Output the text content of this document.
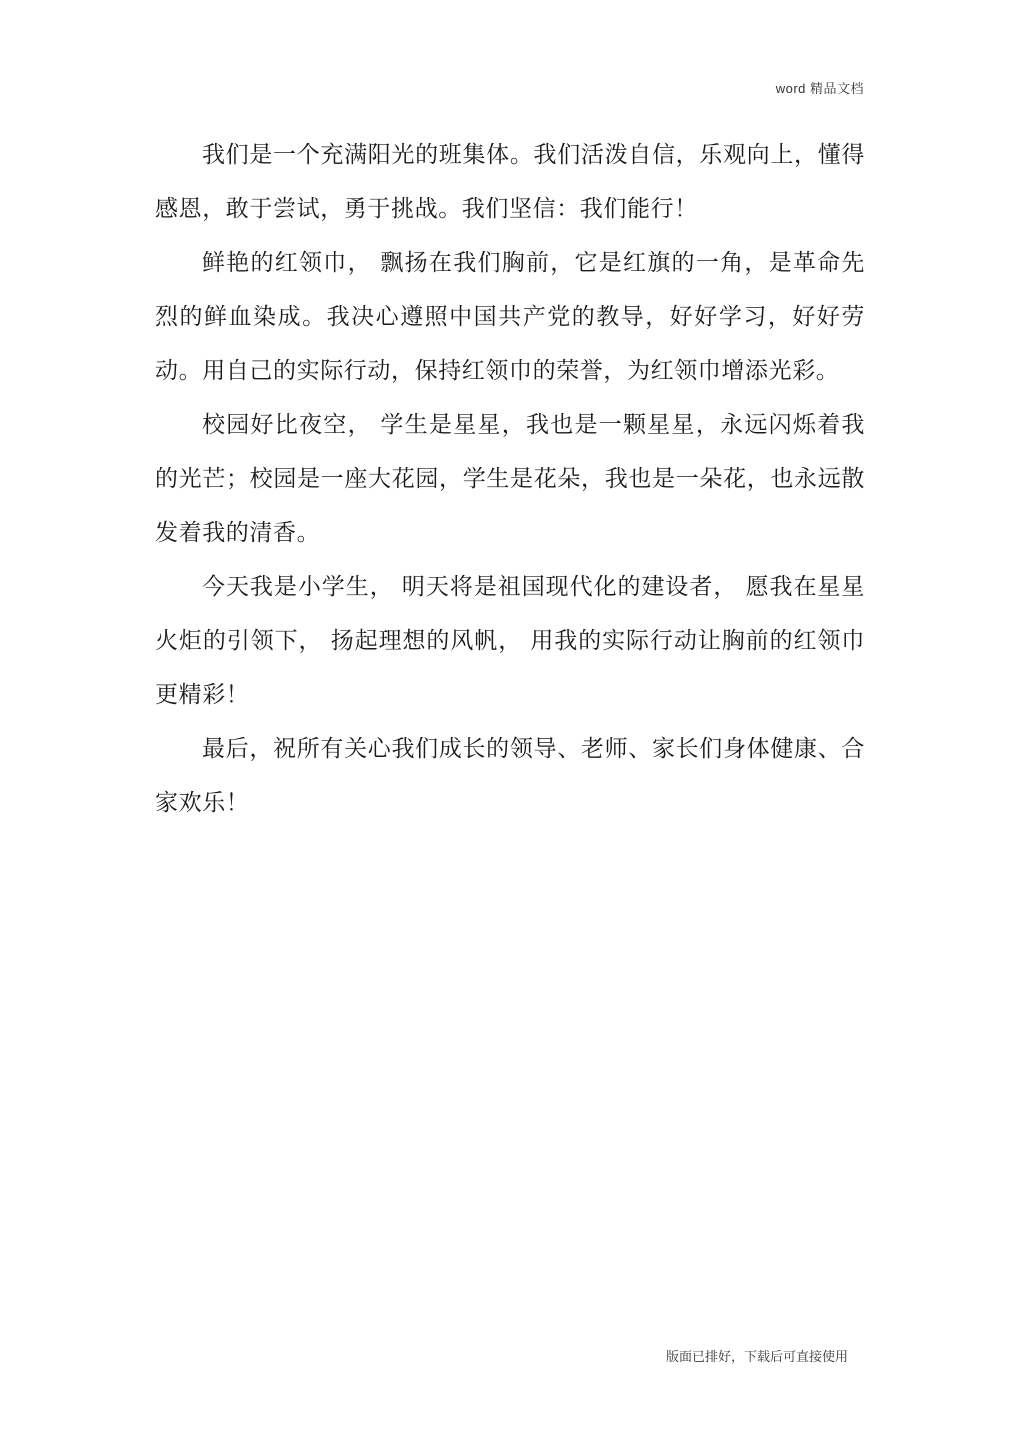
word 精品文档

我们是一个充满阳光的班集体。我们活泼自信，乐观向上，懂得感恩，敢于尝试，勇于挑战。我们坚信：我们能行！

鲜艳的红领巾， 飘扬在我们胸前，它是红旗的一角，是革命先烈的鲜血染成。我决心遵照中国共产党的教导，好好学习，好好劳动。用自己的实际行动，保持红领巾的荣誉，为红领巾增添光彩。

校园好比夜空， 学生是星星，我也是一颗星星，永远闪烁着我的光芒；校园是一座大花园，学生是花朵，我也是一朵花，也永远散发着我的清香。

今天我是小学生， 明天将是祖国现代化的建设者， 愿我在星星火炬的引领下， 扬起理想的风帆， 用我的实际行动让胸前的红领巾更精彩！

最后，祝所有关心我们成长的领导、老师、家长们身体健康、合家欢乐！

版面已排好，下载后可直接使用
